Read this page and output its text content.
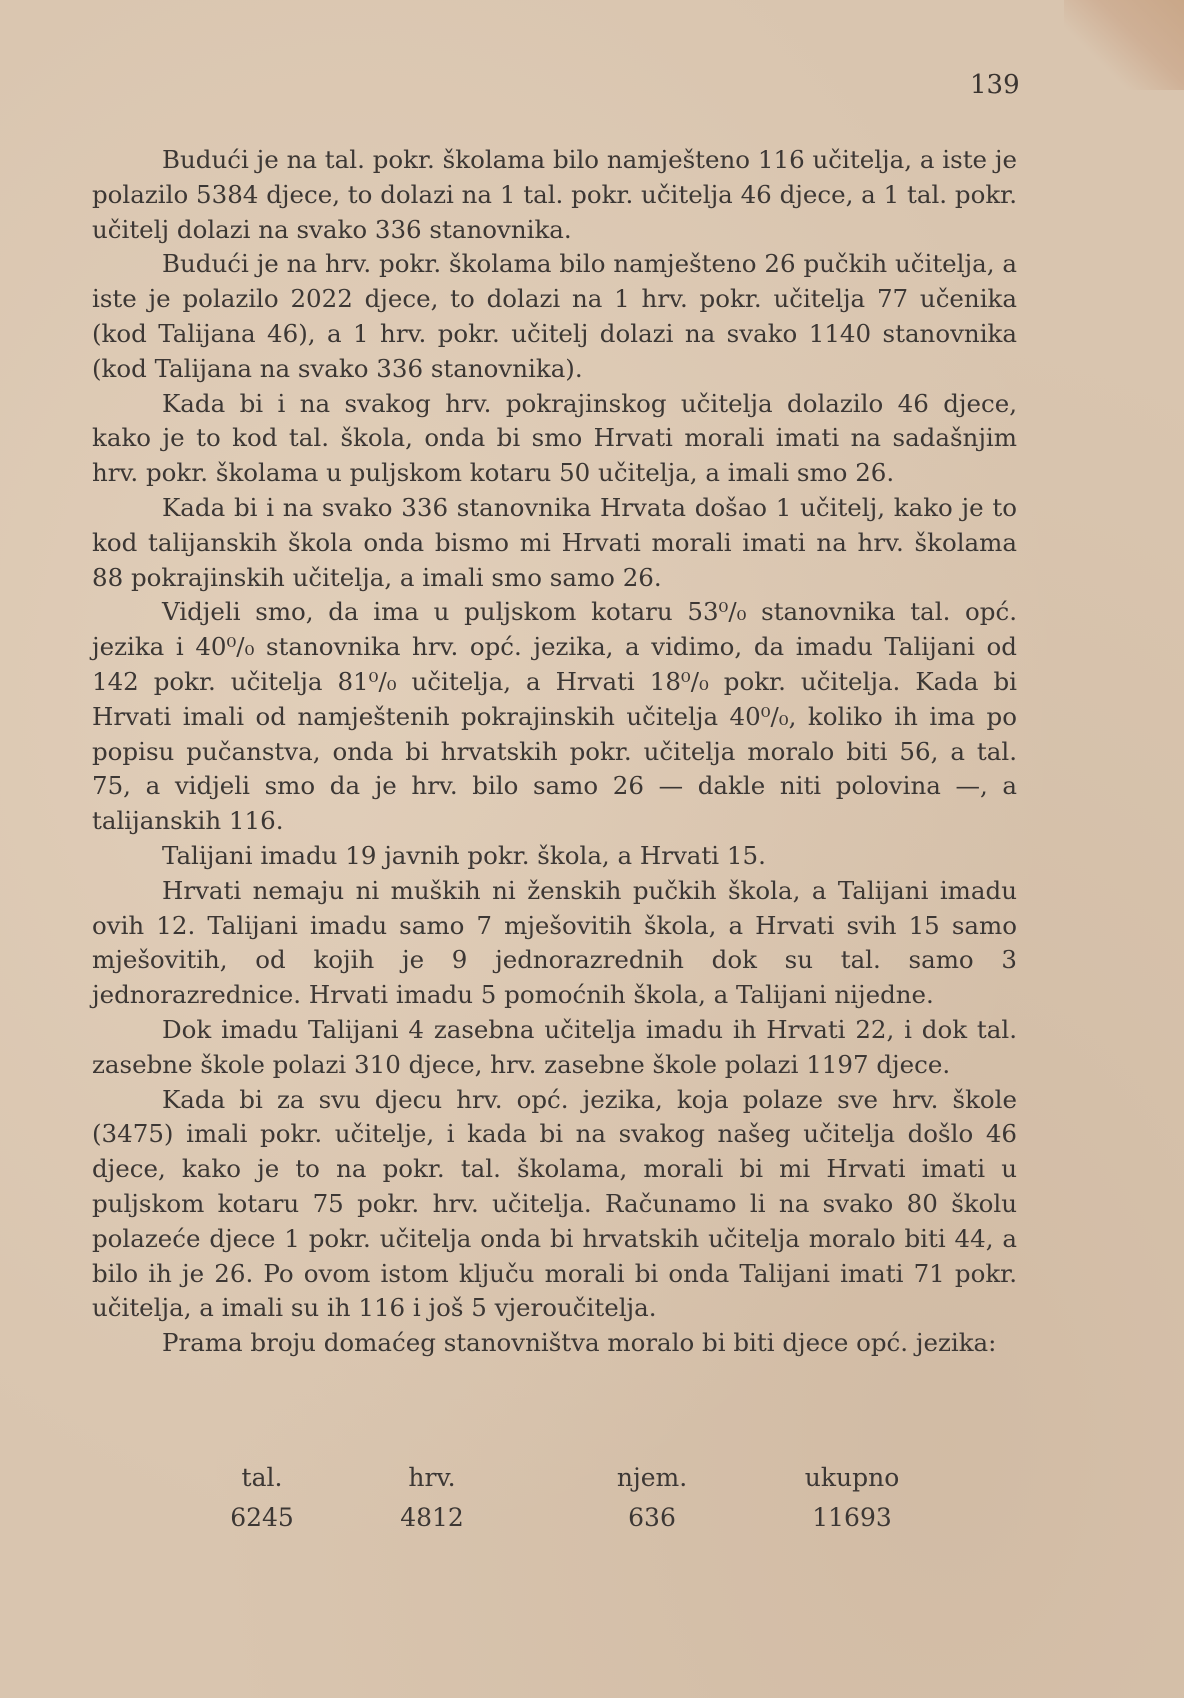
139

Budući je na tal. pokr. školama bilo namješteno 116 učitelja, a iste je polazilo 5384 djece, to dolazi na 1 tal. pokr. učitelja 46 djece, a 1 tal. pokr. učitelj dolazi na svako 336 stanovnika.

Budući je na hrv. pokr. školama bilo namješteno 26 pučkih učitelja, a iste je polazilo 2022 djece, to dolazi na 1 hrv. pokr. učitelja 77 učenika (kod Talijana 46), a 1 hrv. pokr. učitelj dolazi na svako 1140 stanovnika (kod Talijana na svako 336 stanovnika).

Kada bi i na svakog hrv. pokrajinskog učitelja dolazilo 46 djece, kako je to kod tal. škola, onda bi smo Hrvati morali imati na sadašnjim hrv. pokr. školama u puljskom kotaru 50 učitelja, a imali smo 26.

Kada bi i na svako 336 stanovnika Hrvata došao 1 učitelj, kako je to kod talijanskih škola onda bismo mi Hrvati morali imati na hrv. školama 88 pokrajinskih učitelja, a imali smo samo 26.

Vidjeli smo, da ima u puljskom kotaru 53⁰/₀ stanovnika tal. opć. jezika i 40⁰/₀ stanovnika hrv. opć. jezika, a vidimo, da imadu Talijani od 142 pokr. učitelja 81⁰/₀ učitelja, a Hrvati 18⁰/₀ pokr. učitelja. Kada bi Hrvati imali od namještenih pokrajinskih učitelja 40⁰/₀, koliko ih ima po popisu pučanstva, onda bi hrvatskih pokr. učitelja moralo biti 56, a tal. 75, a vidjeli smo da je hrv. bilo samo 26 — dakle niti polovina —, a talijanskih 116.

Talijani imadu 19 javnih pokr. škola, a Hrvati 15.

Hrvati nemaju ni muških ni ženskih pučkih škola, a Talijani imadu ovih 12. Talijani imadu samo 7 mješovitih škola, a Hrvati svih 15 samo mješovitih, od kojih je 9 jednorazrednih dok su tal. samo 3 jednorazrednice. Hrvati imadu 5 pomoćnih škola, a Talijani nijedne.

Dok imadu Talijani 4 zasebna učitelja imadu ih Hrvati 22, i dok tal. zasebne škole polazi 310 djece, hrv. zasebne škole polazi 1197 djece.

Kada bi za svu djecu hrv. opć. jezika, koja polaze sve hrv. škole (3475) imali pokr. učitelje, i kada bi na svakog našeg učitelja došlo 46 djece, kako je to na pokr. tal. školama, morali bi mi Hrvati imati u puljskom kotaru 75 pokr. hrv. učitelja. Računamo li na svako 80 školu polazeće djece 1 pokr. učitelja onda bi hrvatskih učitelja moralo biti 44, a bilo ih je 26. Po ovom istom ključu morali bi onda Talijani imati 71 pokr. učitelja, a imali su ih 116 i još 5 vjeroučitelja.

Prama broju domaćeg stanovništva moralo bi biti djece opć. jezika:

tal.
6245
hrv.
4812
njem.
636
ukupno
11693
